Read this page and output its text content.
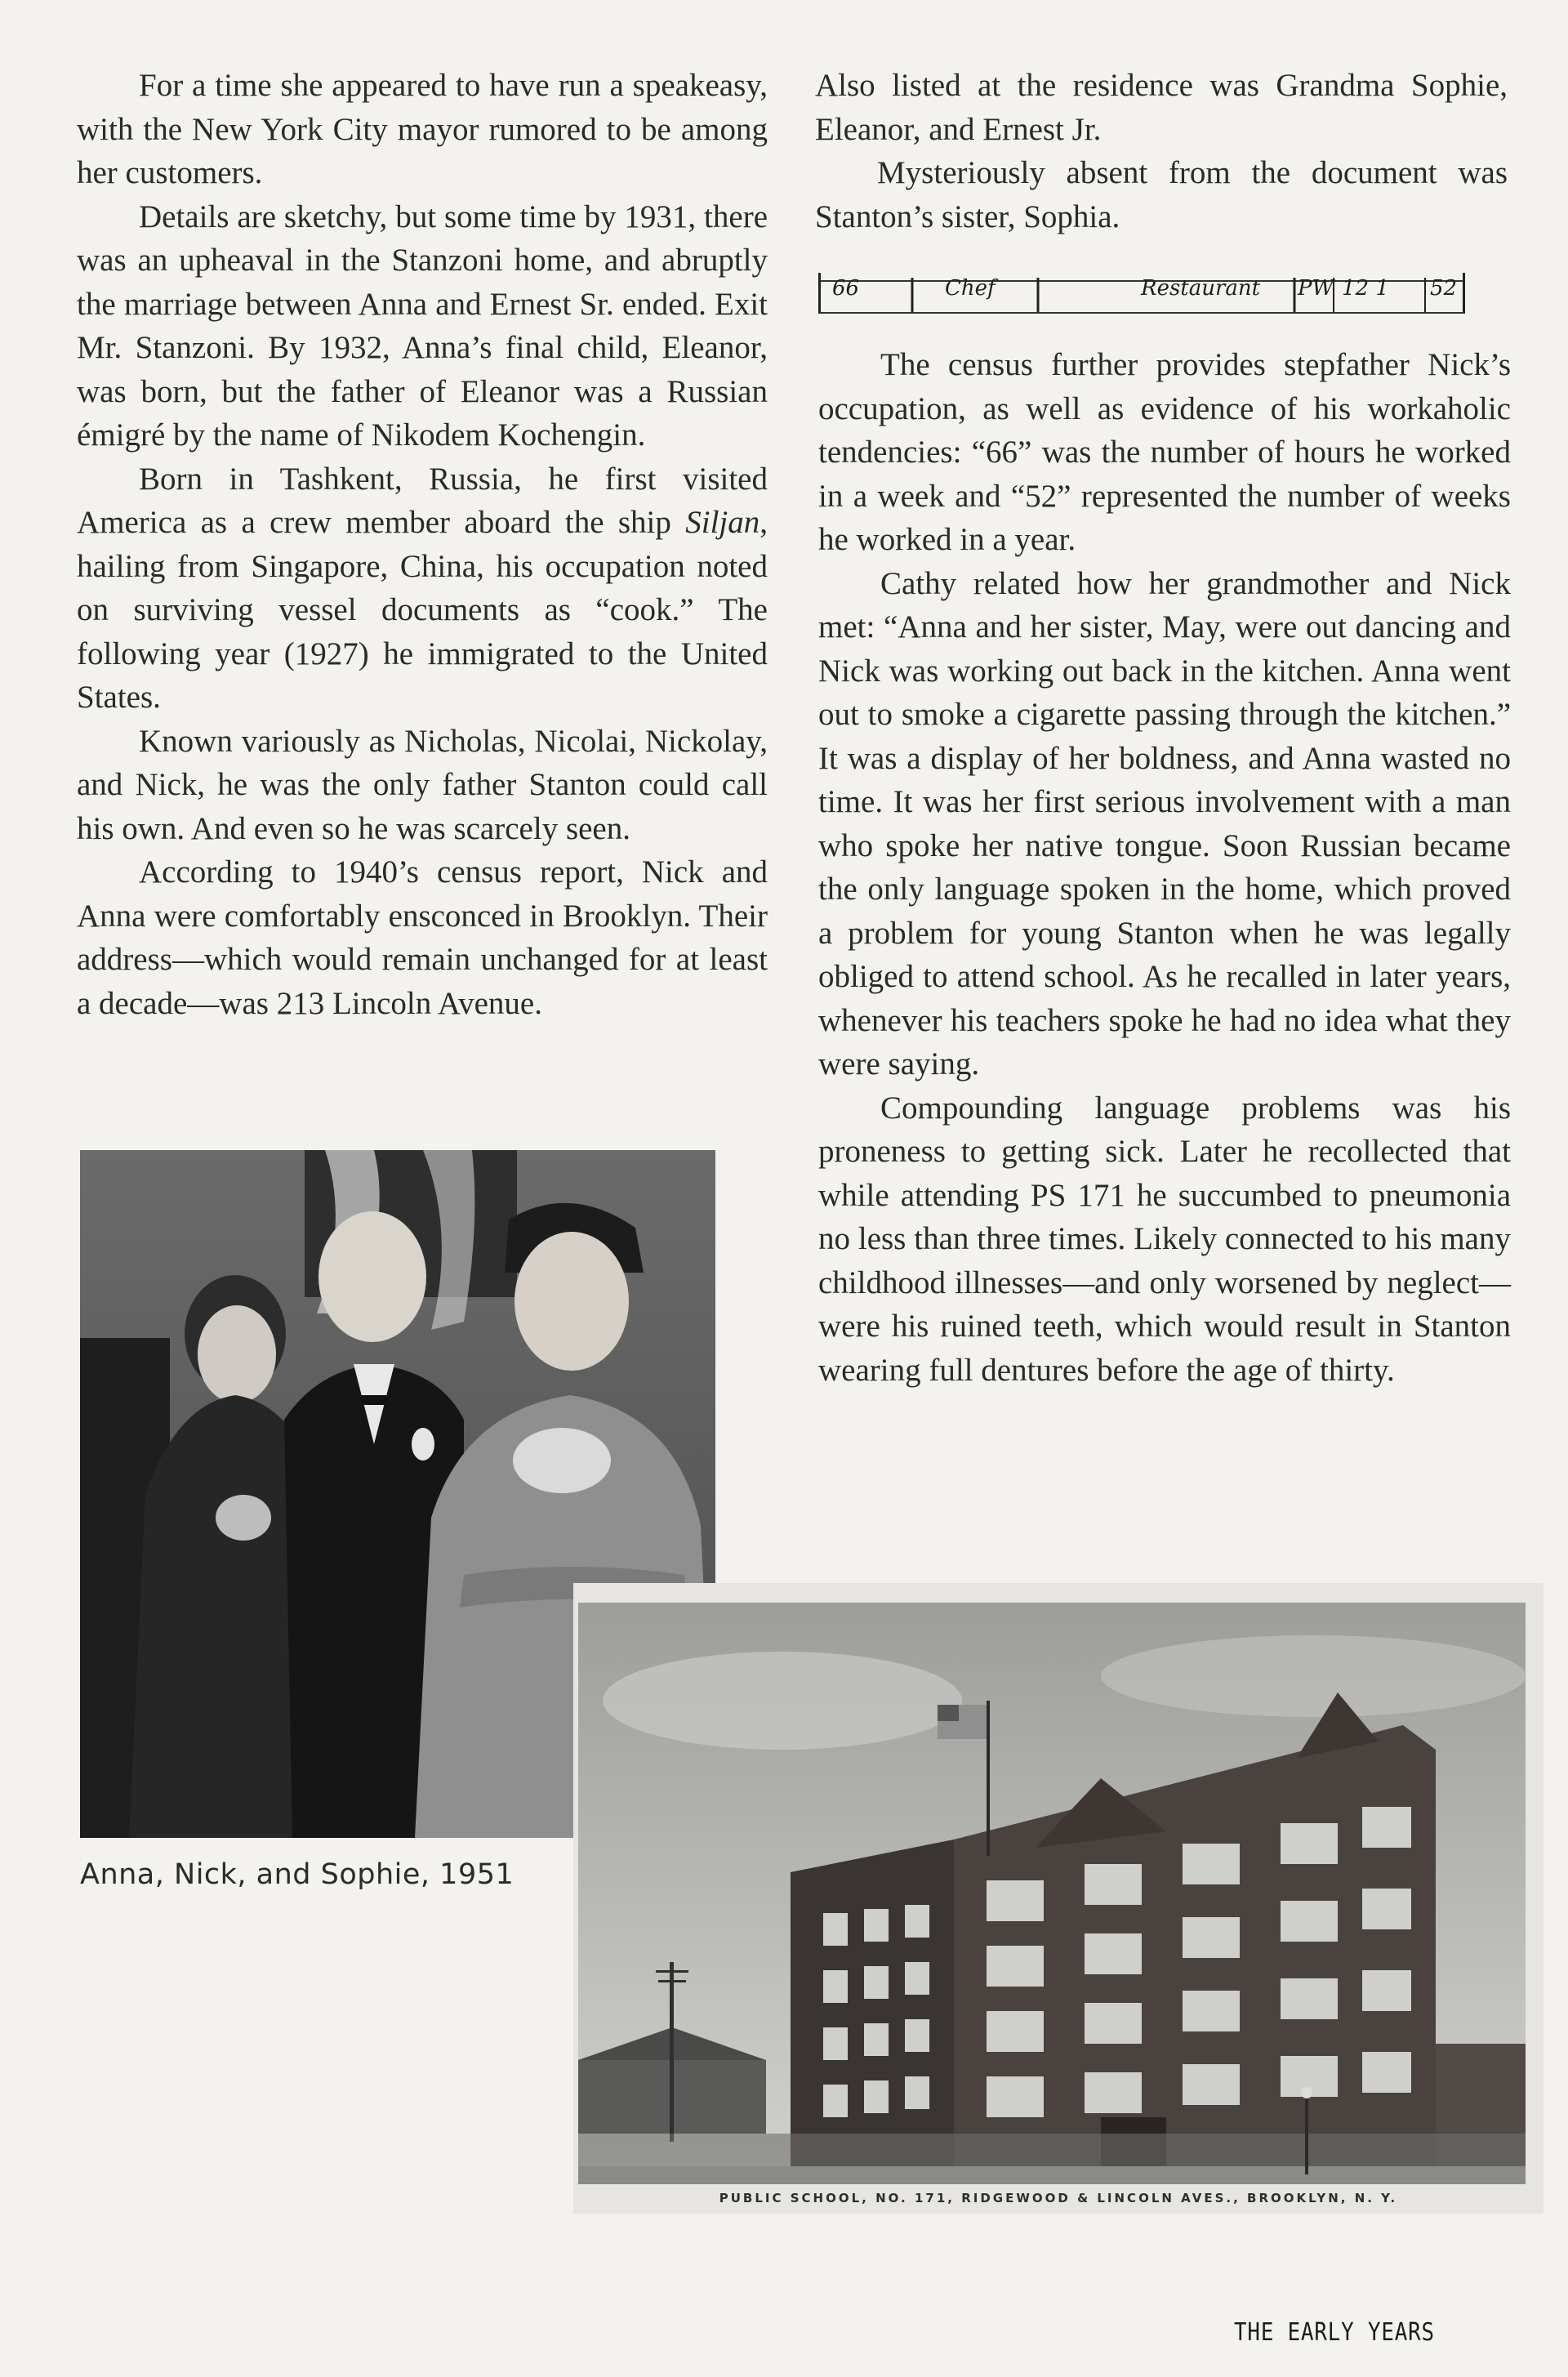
For a time she appeared to have run a speakeasy, with the New York City mayor rumored to be among her customers.

Details are sketchy, but some time by 1931, there was an upheaval in the Stanzoni home, and abruptly the marriage between Anna and Ernest Sr. ended. Exit Mr. Stanzoni. By 1932, Anna’s final child, Eleanor, was born, but the father of Eleanor was a Russian émigré by the name of Nikodem Kochengin.

Born in Tashkent, Russia, he first visited America as a crew member aboard the ship Siljan, hailing from Singapore, China, his occupation noted on surviving vessel documents as “cook.” The following year (1927) he immigrated to the United States.

Known variously as Nicholas, Nicolai, Nickolay, and Nick, he was the only father Stanton could call his own. And even so he was scarcely seen.

According to 1940’s census report, Nick and Anna were comfortably ensconced in Brooklyn. Their address—which would remain unchanged for at least a decade—was 213 Lincoln Avenue.

Also listed at the residence was Grandma Sophie, Eleanor, and Ernest Jr.

Mysteriously absent from the document was Stanton’s sister, Sophia.

66	Chef	Restaurant PW 12 1 52

The census further provides stepfather Nick’s occupation, as well as evidence of his workaholic tendencies: “66” was the number of hours he worked in a week and “52” represented the number of weeks he worked in a year.

Cathy related how her grandmother and Nick met: “Anna and her sister, May, were out dancing and Nick was working out back in the kitchen. Anna went out to smoke a cigarette passing through the kitchen.” It was a display of her boldness, and Anna wasted no time. It was her first serious involvement with a man who spoke her native tongue. Soon Russian became the only language spoken in the home, which proved a problem for young Stanton when he was legally obliged to attend school. As he recalled in later years, whenever his teachers spoke he had no idea what they were saying.

Compounding language problems was his proneness to getting sick. Later he recollected that while attending PS 171 he succumbed to pneumonia no less than three times. Likely connected to his many childhood illnesses—and only worsened by neglect—were his ruined teeth, which would result in Stanton wearing full dentures before the age of thirty.

Anna, Nick, and Sophie, 1951
PUBLIC SCHOOL, NO. 171, RIDGEWOOD & LINCOLN AVES., BROOKLYN, N. Y.
THE EARLY YEARS
